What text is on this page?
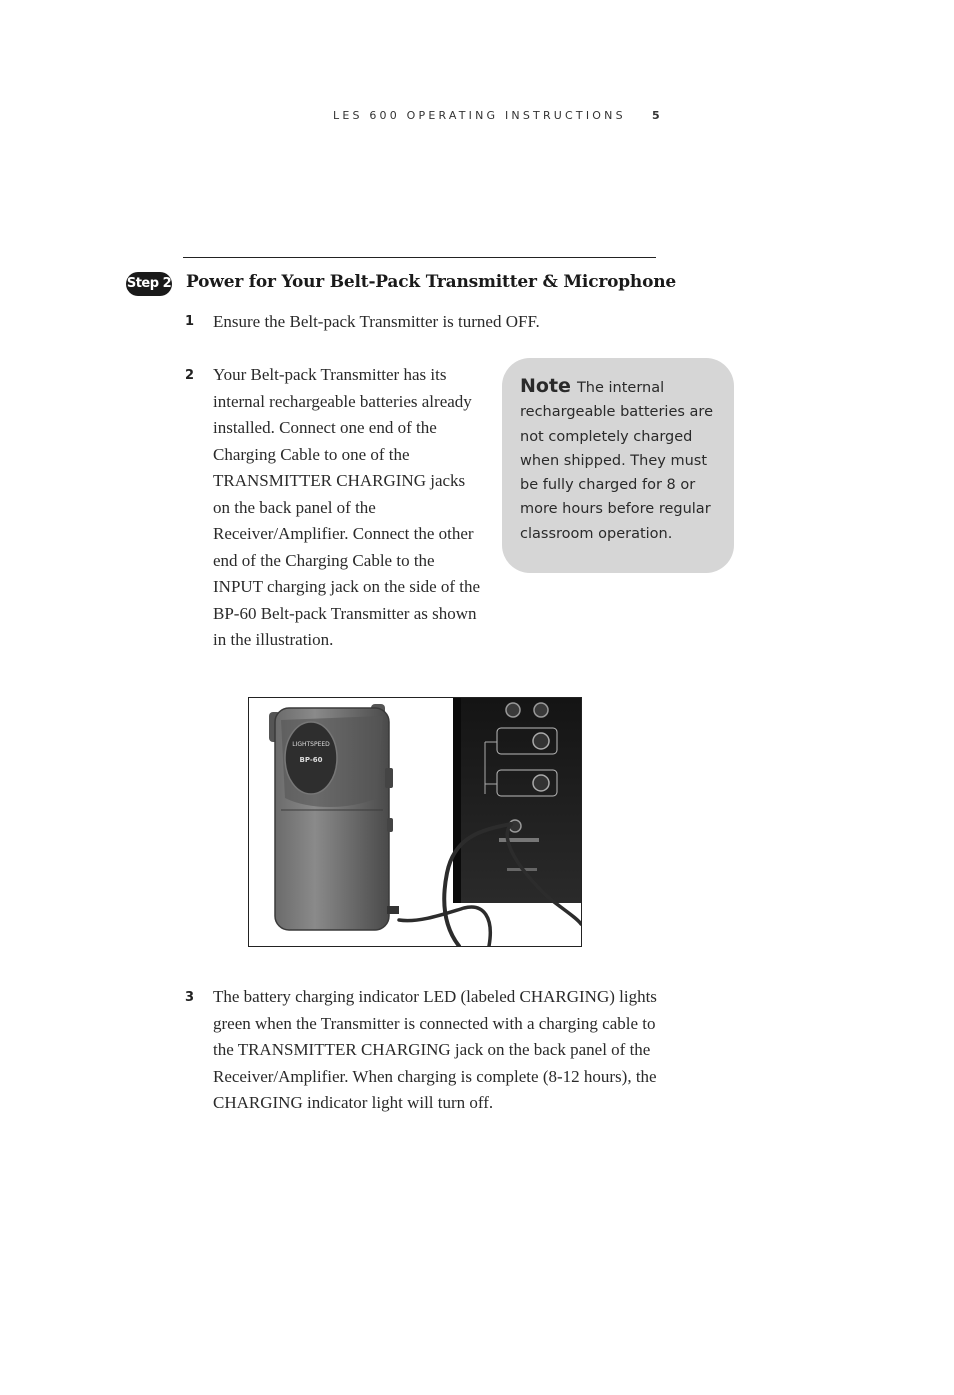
LES 600 OPERATING INSTRUCTIONS 5
Step 2 Power for Your Belt-Pack Transmitter & Microphone
1 Ensure the Belt-pack Transmitter is turned OFF.
2 Your Belt-pack Transmitter has its internal rechargeable batteries already installed. Connect one end of the Charging Cable to one of the TRANSMITTER CHARGING jacks on the back panel of the Receiver/Amplifier. Connect the other end of the Charging Cable to the INPUT charging jack on the side of the BP-60 Belt-pack Transmitter as shown in the illustration.
Note The internal rechargeable batteries are not completely charged when shipped. They must be fully charged for 8 or more hours before regular classroom operation.
LIGHTSPEED
BP-60
3 The battery charging indicator LED (labeled CHARGING) lights green when the Transmitter is connected with a charging cable to the TRANSMITTER CHARGING jack on the back panel of the Receiver/Amplifier. When charging is complete (8-12 hours), the CHARGING indicator light will turn off.
